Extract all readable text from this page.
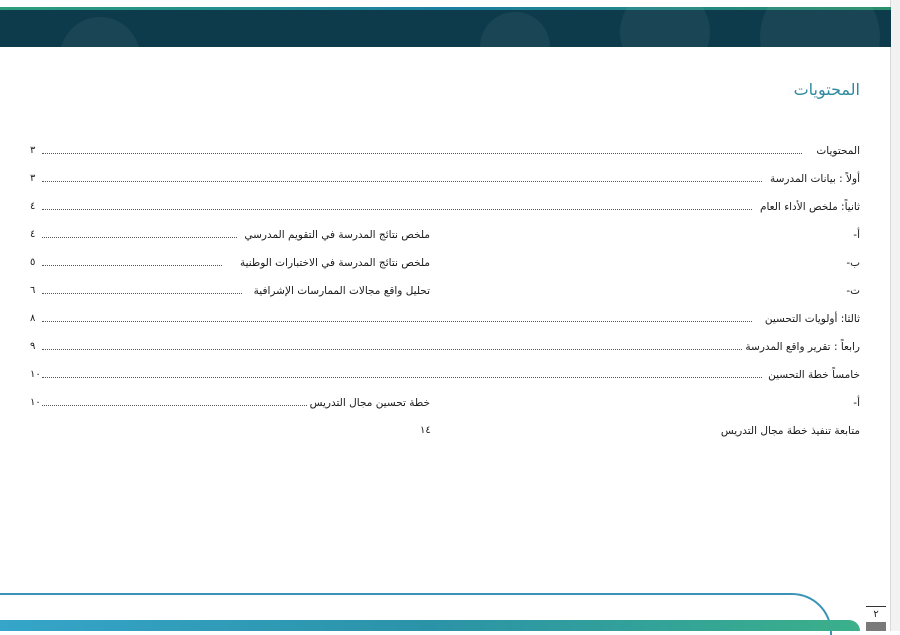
المحتويات
٣	المحتويات
٣	أولاً : بيانات المدرسة
٤	ثانياً: ملخص الأداء العام
٤	ملخص نتائج المدرسة في التقويم المدرسي	أ-
٥	ملخص نتائج المدرسة في الاختبارات الوطنية	ب-
٦	تحليل واقع مجالات الممارسات الإشرافية	ت-
٨	ثالثا: أولويات التحسين
٩	رابعاً : تقرير واقع المدرسة
١٠	خامساً خطة التحسين
١٠	خطة تحسين مجال التدريس	أ-
١٤	متابعة تنفيذ خطة مجال التدريس
٢
